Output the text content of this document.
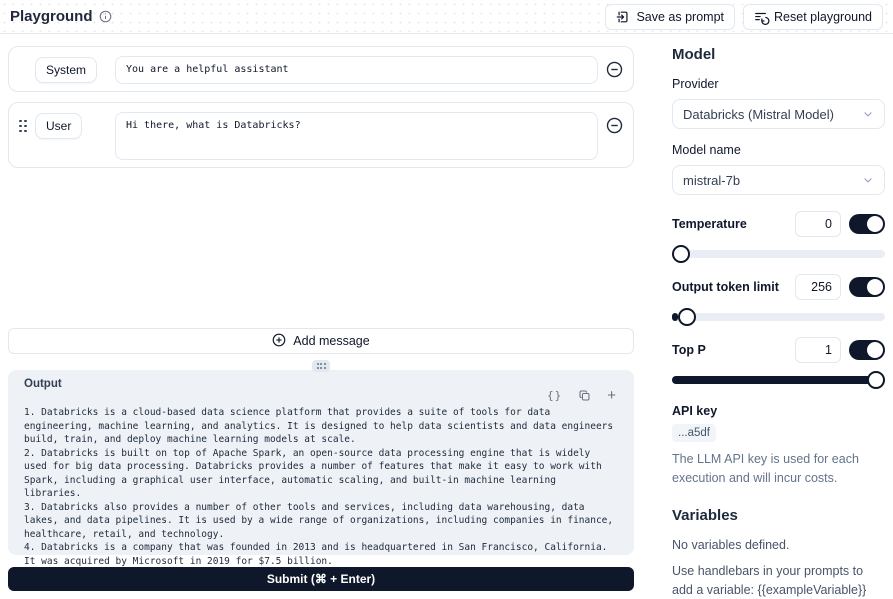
Playground	Save as prompt	Reset playground
System
You are a helpful assistant
User
Hi there, what is Databricks?
Add message
Output
{}	+
1. Databricks is a cloud-based data science platform that provides a suite of tools for data engineering, machine learning, and analytics. It is designed to help data scientists and data engineers build, train, and deploy machine learning models at scale.
2. Databricks is built on top of Apache Spark, an open-source data processing engine that is widely used for big data processing. Databricks provides a number of features that make it easy to work with Spark, including a graphical user interface, automatic scaling, and built-in machine learning libraries.
3. Databricks also provides a number of other tools and services, including data warehousing, data lakes, and data pipelines. It is used by a wide range of organizations, including companies in finance, healthcare, retail, and technology.
4. Databricks is a company that was founded in 2013 and is headquartered in San Francisco, California. It was acquired by Microsoft in 2019 for $7.5 billion.
Submit (⌘ + Enter)
Model
Provider
Databricks (Mistral Model)
Model name
mistral-7b
Temperature
0
Output token limit
256
Top P
1
API key
...a5df
The LLM API key is used for each execution and will incur costs.
Variables
No variables defined.
Use handlebars in your prompts to add a variable: {{exampleVariable}}
